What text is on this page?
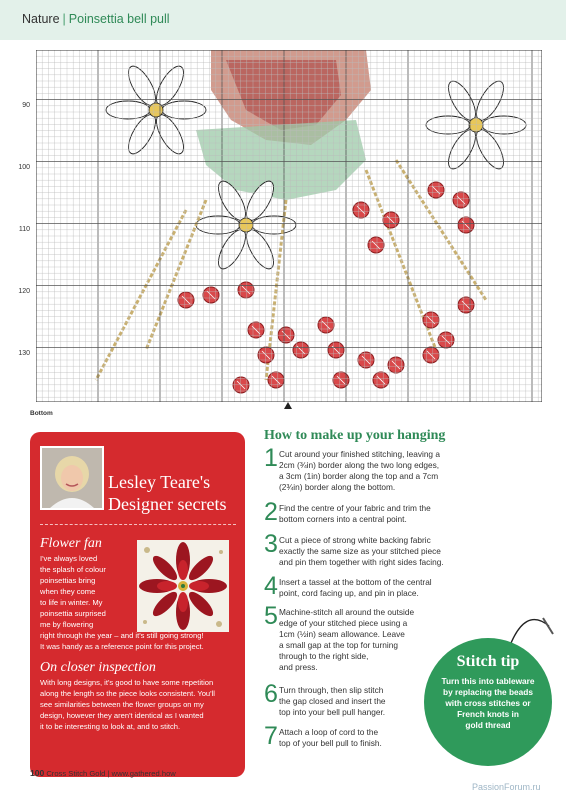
Nature | Poinsettia bell pull
90
100
110
120
130
Bottom
Lesley Teare's
Designer secrets
Flower fan
I've always loved
the splash of colour
poinsettias bring
when they come
to life in winter. My
poinsettia surprised
me by flowering
right through the year – and it's still going strong!
It was handy as a reference point for this project.
On closer inspection
With long designs, it's good to have some repetition
along the length so the piece looks consistent. You'll
see similarities between the flower groups on my
design, however they aren't identical as I wanted
it to be interesting to look at, and to stitch.
How to make up your hanging
1 Cut around your finished stitching, leaving a
2cm (¾in) border along the two long edges,
a 3cm (1in) border along the top and a 7cm
(2¾in) border along the bottom.
2 Find the centre of your fabric and trim the
bottom corners into a central point.
3 Cut a piece of strong white backing fabric
exactly the same size as your stitched piece
and pin them together with right sides facing.
4 Insert a tassel at the bottom of the central
point, cord facing up, and pin in place.
5 Machine-stitch all around the outside
edge of your stitched piece using a
1cm (½in) seam allowance. Leave
a small gap at the top for turning
through to the right side,
and press.
6 Turn through, then slip stitch
the gap closed and insert the
top into your bell pull hanger.
7 Attach a loop of cord to the
top of your bell pull to finish.
Stitch tip
Turn this into tableware
by replacing the beads
with cross stitches or
French knots in
gold thread
100 Cross Stitch Gold | www.gathered.how
PassionForum.ru
